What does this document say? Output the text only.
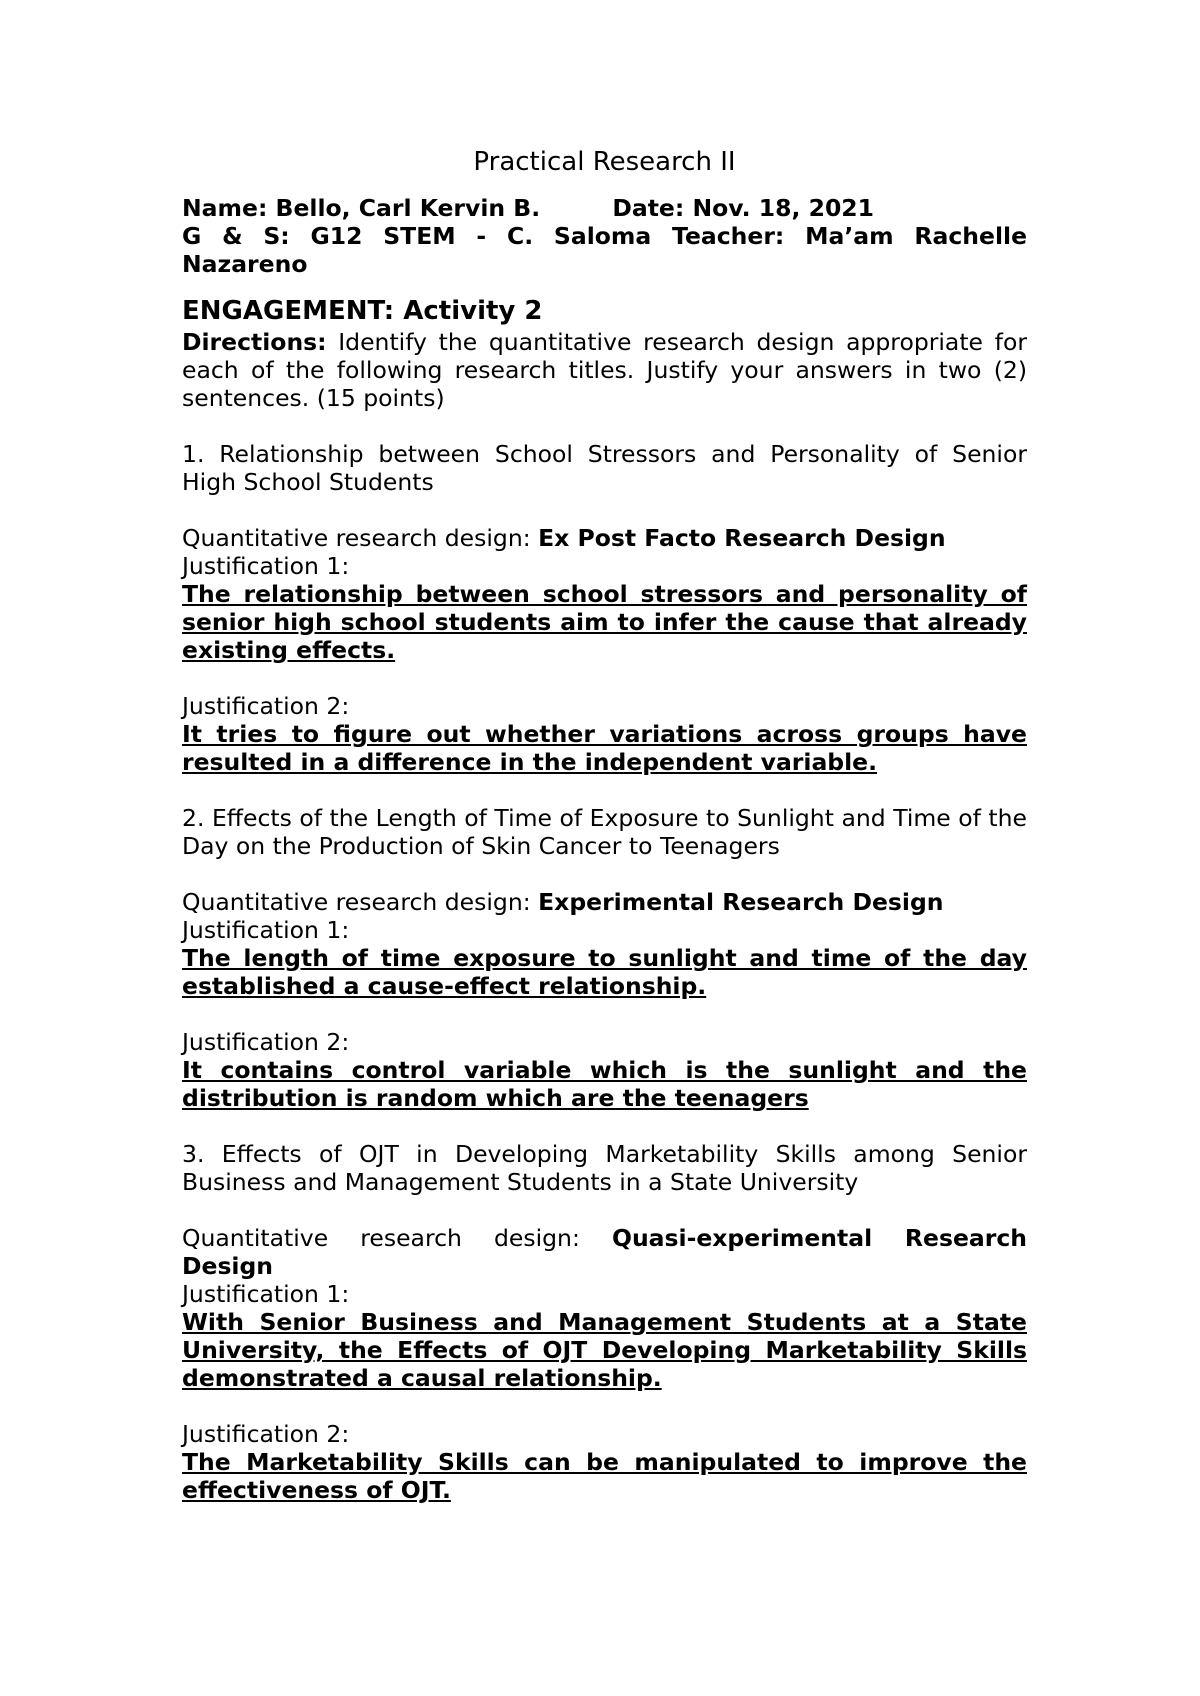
Practical Research II

Name: Bello, Carl Kervin B.	Date: Nov. 18, 2021

G & S: G12 STEM - C. Saloma Teacher: Ma’am Rachelle

Nazareno

ENGAGEMENT: Activity 2

Directions: Identify the quantitative research design appropriate for each of the following research titles. Justify your answers in two (2) sentences. (15 points)

1. Relationship between School Stressors and Personality of Senior High School Students

Quantitative research design: Ex Post Facto Research Design

Justification 1:

The relationship between school stressors and personality of senior high school students aim to infer the cause that already existing effects.

Justification 2:

It tries to figure out whether variations across groups have resulted in a difference in the independent variable.

2. Effects of the Length of Time of Exposure to Sunlight and Time of the Day on the Production of Skin Cancer to Teenagers

Quantitative research design: Experimental Research Design

Justification 1:

The length of time exposure to sunlight and time of the day established a cause-effect relationship.

Justification 2:

It contains control variable which is the sunlight and the distribution is random which are the teenagers

3. Effects of OJT in Developing Marketability Skills among Senior Business and Management Students in a State University

Quantitative research design: Quasi-experimental Research Design

Justification 1:

With Senior Business and Management Students at a State University, the Effects of OJT Developing Marketability Skills demonstrated a causal relationship.

Justification 2:

The Marketability Skills can be manipulated to improve the effectiveness of OJT.
